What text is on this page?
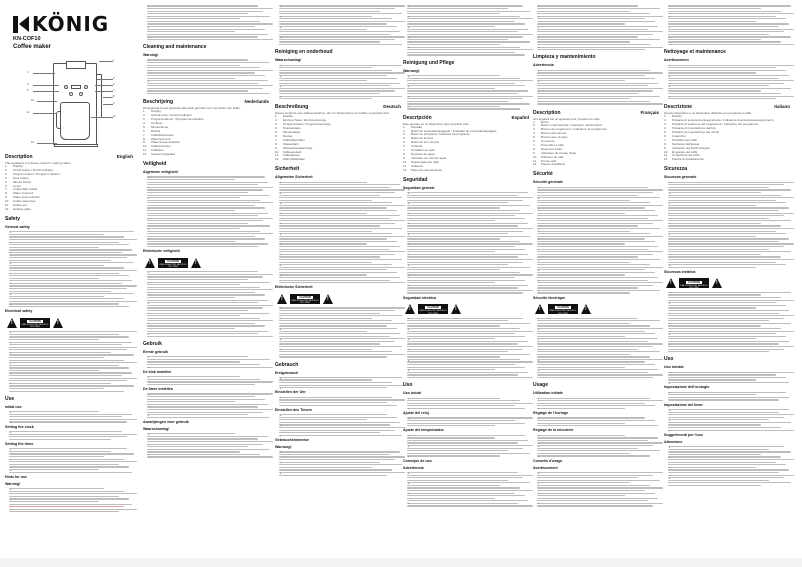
KÖNIG
KN-COF10
Coffee maker
1
2
3
4
5
6
7
8
9
10
11
12
13
Description	English
This appliance is a device used for making coffee.
1.	Display
2.	On/off button / On/off indicator
3.	Program button / Program indicator
4.	Hour button
5.	Minute button
6.	Cover
7.	Coffee filter holder
8.	Water reservoir
9.	Water level indicator
10.	Coffee dispenser
11.	Coffee pot
12.	Heating plate
Safety
General safety
Electrical safety
!
CAUTION
RISK OF ELECTRIC SHOCK DO NOT OPEN
!
Use
Initial use
Setting the clock
Setting the timer
Hints for use
Warning!
Cleaning and maintenance
Warning!
Beschrijving	Nederlands
Dit apparaat is een apparaat dat wordt gebruikt voor het zetten van koffie.
1.	Display
2.	Aan/uit-knop / Aan/uit-indicator
3.	Programmaknop / Programma-indicator
4.	Uurknop
5.	Minutenknop
6.	Deksel
7.	Koffiefilterhouder
8.	Waterreservoir
9.	Waterniveau-indicator
10.	Koffieschenker
11.	Koffiekan
12.	Verwarmingsplaat
Veiligheid
Algemene veiligheid
Elektrische veiligheid
!
CAUTION
RISK OF ELECTRIC SHOCK DO NOT OPEN
!
Gebruik
Eerste gebruik
De klok instellen
De timer instellen
Aanwijzingen voor gebruik
Waarschuwing!
Reiniging en onderhoud
Waarschuwing!
Beschreibung	Deutsch
Dieses Gerät ist eine Kaffeemaschine, die zur Zubereitung von Kaffee verwendet wird.
1.	Display
2.	Ein/Aus-Taste / Ein/Aus-Anzeige
3.	Programmtaste / Programmanzeige
4.	Stundentaste
5.	Minutentaste
6.	Deckel
7.	Kaffeefilterhalter
8.	Wassertank
9.	Wasserstandsanzeige
10.	Kaffeeauslauf
11.	Kaffeekanne
12.	Warmhalteplatte
Sicherheit
Allgemeine Sicherheit
Elektrische Sicherheit
!
CAUTION
RISK OF ELECTRIC SHOCK DO NOT OPEN
!
Gebrauch
Erstgebrauch
Einstellen der Uhr
Einstellen des Timers
Gebrauchshinweise
Warnung!
Reinigung und Pflege
Warnung!
Descripción	Español
Este aparato es un dispositivo para preparar café.
1.	Pantalla
2.	Botón de encendido/apagado / Indicador de encendido/apagado
3.	Botón de programa / Indicador de programa
4.	Botón de la hora
5.	Botón de los minutos
6.	Cubierta
7.	Portafiltro de café
8.	Depósito de agua
9.	Indicador de nivel de agua
10.	Dispensador de café
11.	Cafetera
12.	Placa de calentamiento
Seguridad
Seguridad general
Seguridad eléctrica
!
CAUTION
RISK OF ELECTRIC SHOCK DO NOT OPEN
!
Uso
Uso inicial
Ajuste del reloj
Ajuste del temporizador
Consejos de uso
Advertencia
Limpieza y mantenimiento
Advertencia
Description	Français
Cet appareil est un appareil pour préparer du café.
1.	Écran
2.	Bouton marche/arrêt / Indicateur marche/arrêt
3.	Bouton de programme / Indicateur de programme
4.	Bouton des heures
5.	Bouton des minutes
6.	Couvercle
7.	Porte-filtre à café
8.	Réservoir d'eau
9.	Indicateur de niveau d'eau
10.	Diffuseur de café
11.	Pot de café
12.	Plaque chauffante
Sécurité
Sécurité générale
Sécurité électrique
!
CAUTION
RISK OF ELECTRIC SHOCK DO NOT OPEN
!
Usage
Utilisation initiale
Réglage de l'horloge
Réglage de la minuterie
Conseils d'usage
Avertissement
Nettoyage et maintenance
Avertissement
Descrizione	Italiano
Questo dispositivo è un dispositivo utilizzato per preparare il caffè.
1.	Display
2.	Pulsante di accensione/spegnimento / Indicatore di accensione/spegnimento
3.	Pulsante di selezione del programma / Indicatore del programma
4.	Pulsante di impostazione dell'ora
5.	Pulsante di impostazione dei minuti
6.	Coperchio
7.	Portafiltro del caffè
8.	Serbatoio dell'acqua
9.	Indicatore del livello d'acqua
10.	Erogatore del caffè
11.	Contenitore del caffè
12.	Piastra di riscaldamento
Sicurezza
Sicurezza generale
Sicurezza elettrica
!
CAUTION
RISK OF ELECTRIC SHOCK DO NOT OPEN
!
Uso
Uso iniziale
Impostazione dell'orologio
Impostazione del timer
Suggerimenti per l'uso
Attenzione
